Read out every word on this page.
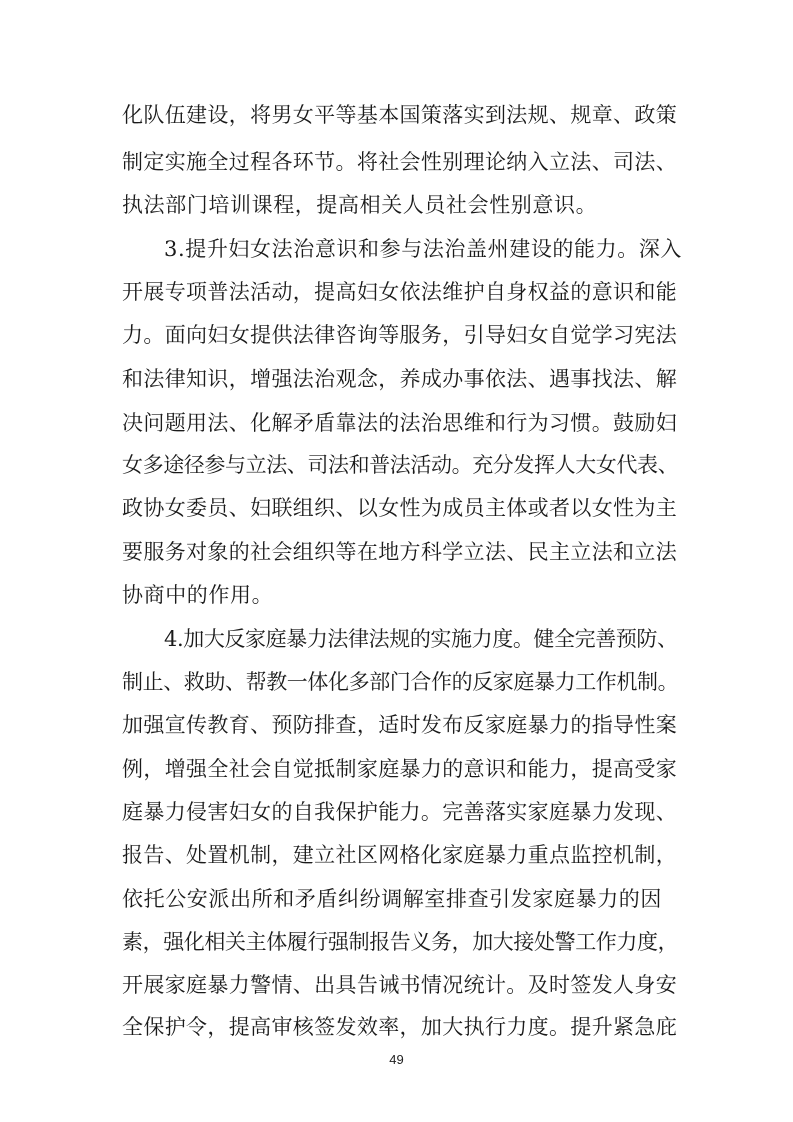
化队伍建设，将男女平等基本国策落实到法规、规章、政策
制定实施全过程各环节。将社会性别理论纳入立法、司法、
执法部门培训课程，提高相关人员社会性别意识。
3.提升妇女法治意识和参与法治盖州建设的能力。深入
开展专项普法活动，提高妇女依法维护自身权益的意识和能
力。面向妇女提供法律咨询等服务，引导妇女自觉学习宪法
和法律知识，增强法治观念，养成办事依法、遇事找法、解
决问题用法、化解矛盾靠法的法治思维和行为习惯。鼓励妇
女多途径参与立法、司法和普法活动。充分发挥人大女代表、
政协女委员、妇联组织、以女性为成员主体或者以女性为主
要服务对象的社会组织等在地方科学立法、民主立法和立法
协商中的作用。
4.加大反家庭暴力法律法规的实施力度。健全完善预防、
制止、救助、帮教一体化多部门合作的反家庭暴力工作机制。
加强宣传教育、预防排查，适时发布反家庭暴力的指导性案
例，增强全社会自觉抵制家庭暴力的意识和能力，提高受家
庭暴力侵害妇女的自我保护能力。完善落实家庭暴力发现、
报告、处置机制，建立社区网格化家庭暴力重点监控机制，
依托公安派出所和矛盾纠纷调解室排查引发家庭暴力的因
素，强化相关主体履行强制报告义务，加大接处警工作力度，
开展家庭暴力警情、出具告诫书情况统计。及时签发人身安
全保护令，提高审核签发效率，加大执行力度。提升紧急庇
49
